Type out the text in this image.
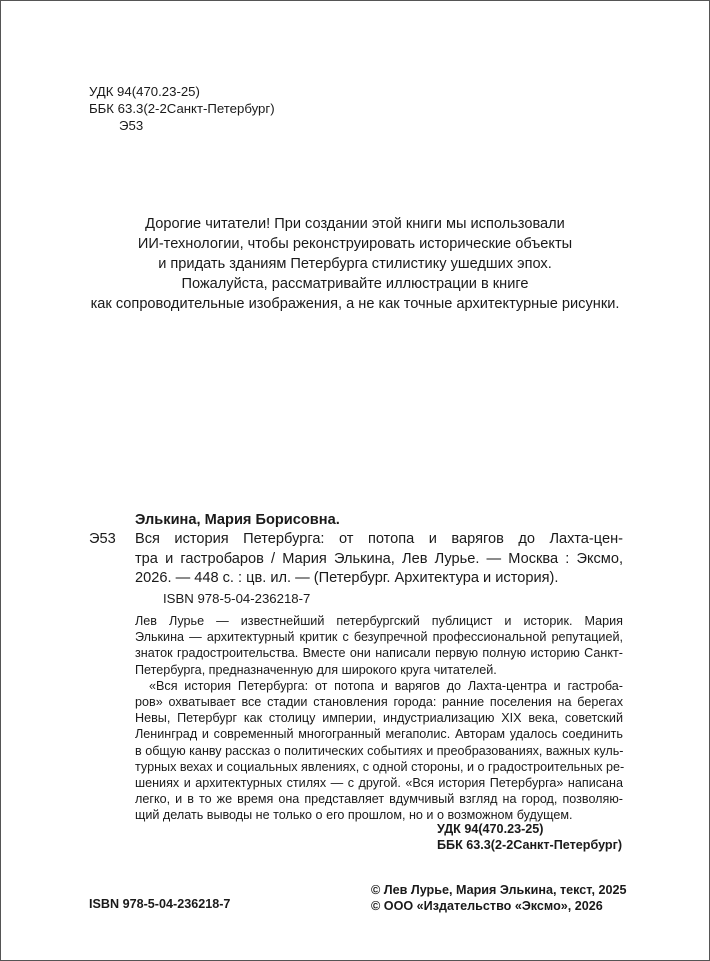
УДК 94(470.23-25)
ББК 63.3(2-2Санкт-Петербург)
Э53
Дорогие читатели! При создании этой книги мы использовали
ИИ-технологии, чтобы реконструировать исторические объекты
и придать зданиям Петербурга стилистику ушедших эпох.
Пожалуйста, рассматривайте иллюстрации в книге
как сопроводительные изображения, а не как точные архитектурные рисунки.
Элькина, Мария Борисовна.
Э53 Вся история Петербурга: от потопа и варягов до Лахта-цен-
тра и гастробаров / Мария Элькина, Лев Лурье. — Москва : Эксмо,
2026. — 448 с. : цв. ил. — (Петербург. Архитектура и история).
ISBN 978-5-04-236218-7
Лев Лурье — известнейший петербургский публицист и историк. Мария
Элькина — архитектурный критик с безупречной профессиональной репутацией,
знаток градостроительства. Вместе они написали первую полную историю Санкт-
Петербурга, предназначенную для широкого круга читателей.
«Вся история Петербурга: от потопа и варягов до Лахта-центра и гастроба-
ров» охватывает все стадии становления города: ранние поселения на берегах
Невы, Петербург как столицу империи, индустриализацию XIX века, советский
Ленинград и современный многогранный мегаполис. Авторам удалось соединить
в общую канву рассказ о политических событиях и преобразованиях, важных куль-
турных вехах и социальных явлениях, с одной стороны, и о градостроительных ре-
шениях и архитектурных стилях — с другой. «Вся история Петербурга» написана
легко, и в то же время она представляет вдумчивый взгляд на город, позволяю-
щий делать выводы не только о его прошлом, но и о возможном будущем.
УДК 94(470.23-25)
ББК 63.3(2-2Санкт-Петербург)
ISBN 978-5-04-236218-7
© Лев Лурье, Мария Элькина, текст, 2025
© ООО «Издательство «Эксмо», 2026
